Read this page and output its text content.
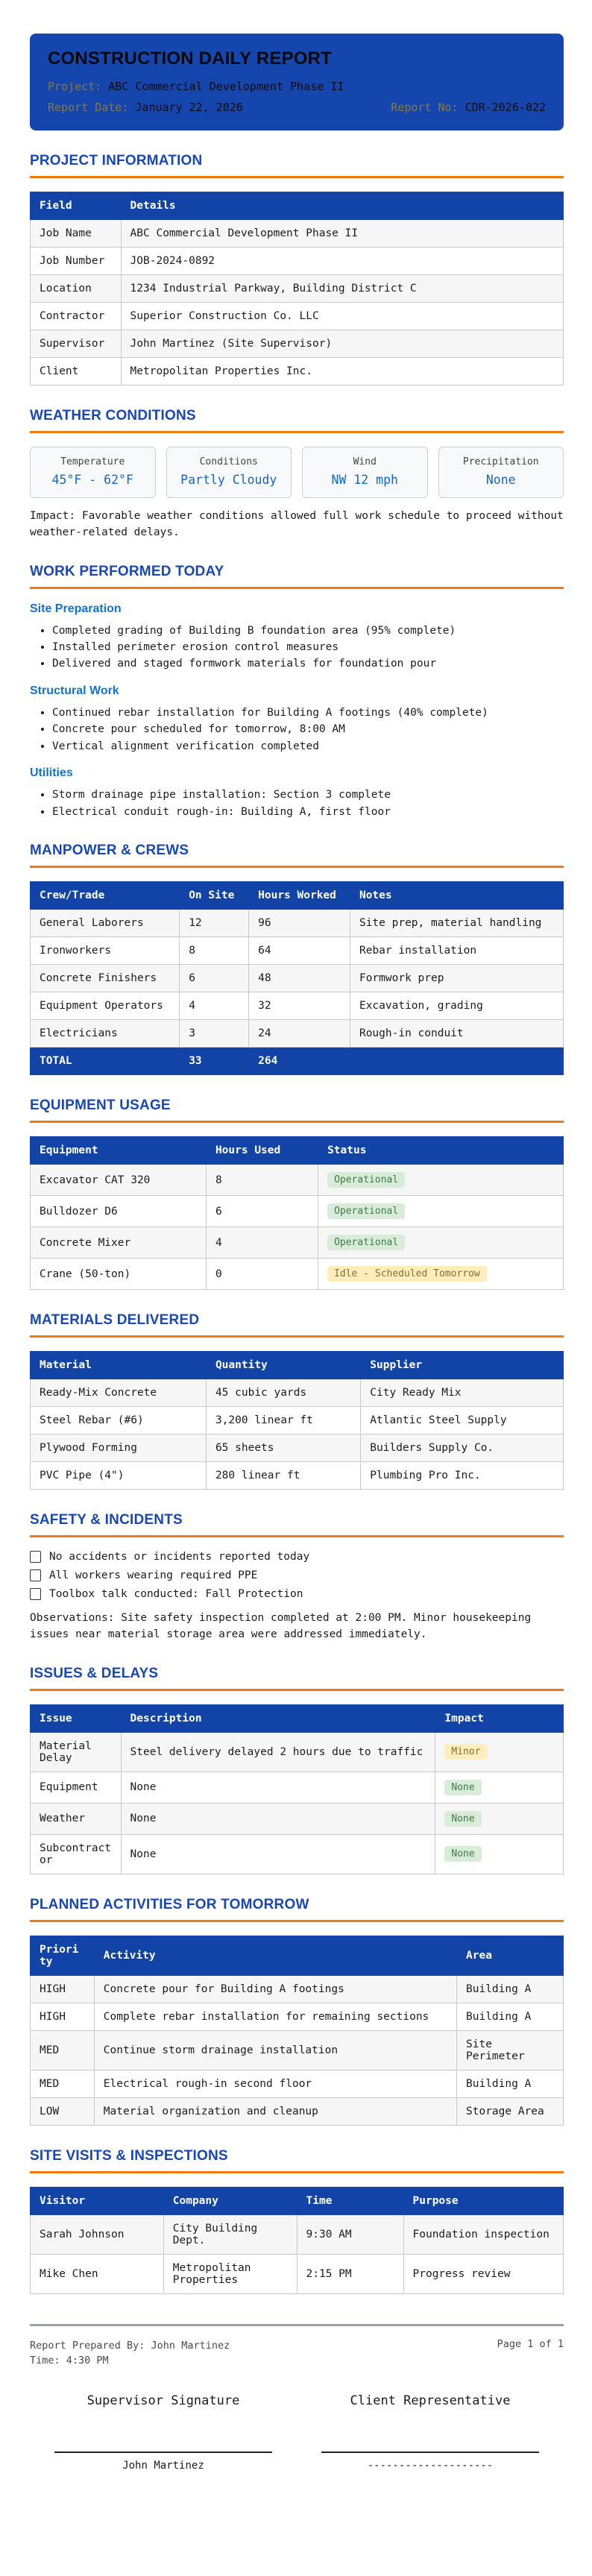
CONSTRUCTION DAILY REPORT

Project: ABC Commercial Development Phase II

Report Date: January 22, 2026	Report No: CDR-2026-022

PROJECT INFORMATION
Field	Details
Job Name	ABC Commercial Development Phase II
Job Number	JOB-2024-0892
Location	1234 Industrial Parkway, Building District C
Contractor	Superior Construction Co. LLC
Supervisor	John Martinez (Site Supervisor)
Client	Metropolitan Properties Inc.
WEATHER CONDITIONS
Temperature
45°F - 62°F
Conditions
Partly Cloudy
Wind
NW 12 mph
Precipitation
None

Impact: Favorable weather conditions allowed full work schedule to proceed without weather-related delays.

WORK PERFORMED TODAY
Site Preparation
• Completed grading of Building B foundation area (95% complete)
• Installed perimeter erosion control measures
• Delivered and staged formwork materials for foundation pour
Structural Work
• Continued rebar installation for Building A footings (40% complete)
• Concrete pour scheduled for tomorrow, 8:00 AM
• Vertical alignment verification completed
Utilities
• Storm drainage pipe installation: Section 3 complete
• Electrical conduit rough-in: Building A, first floor
MANPOWER & CREWS
Crew/Trade	On Site	Hours Worked	Notes
General Laborers	12	96	Site prep, material handling
Ironworkers	8	64	Rebar installation
Concrete Finishers	6	48	Formwork prep
Equipment Operators	4	32	Excavation, grading
Electricians	3	24	Rough-in conduit
TOTAL	33	264	
EQUIPMENT USAGE
Equipment	Hours Used	Status
Excavator CAT 320	8	Operational
Bulldozer D6	6	Operational
Concrete Mixer	4	Operational
Crane (50-ton)	0	Idle - Scheduled Tomorrow
MATERIALS DELIVERED
Material	Quantity	Supplier
Ready-Mix Concrete	45 cubic yards	City Ready Mix
Steel Rebar (#6)	3,200 linear ft	Atlantic Steel Supply
Plywood Forming	65 sheets	Builders Supply Co.
PVC Pipe (4")	280 linear ft	Plumbing Pro Inc.
SAFETY & INCIDENTS
No accidents or incidents reported today
All workers wearing required PPE
Toolbox talk conducted: Fall Protection

Observations: Site safety inspection completed at 2:00 PM. Minor housekeeping issues near material storage area were addressed immediately.

ISSUES & DELAYS
Issue	Description	Impact
Material Delay	Steel delivery delayed 2 hours due to traffic	Minor
Equipment	None	None
Weather	None	None
Subcontractor	None	None
PLANNED ACTIVITIES FOR TOMORROW
Priority	Activity	Area
HIGH	Concrete pour for Building A footings	Building A
HIGH	Complete rebar installation for remaining sections	Building A
MED	Continue storm drainage installation	Site Perimeter
MED	Electrical rough-in second floor	Building A
LOW	Material organization and cleanup	Storage Area
SITE VISITS & INSPECTIONS
Visitor	Company	Time	Purpose
Sarah Johnson	City Building Dept.	9:30 AM	Foundation inspection
Mike Chen	Metropolitan Properties	2:15 PM	Progress review
Report Prepared By: John Martinez
Time: 4:30 PM
Page 1 of 1
Supervisor Signature
John Martinez
Client Representative
--------------------
